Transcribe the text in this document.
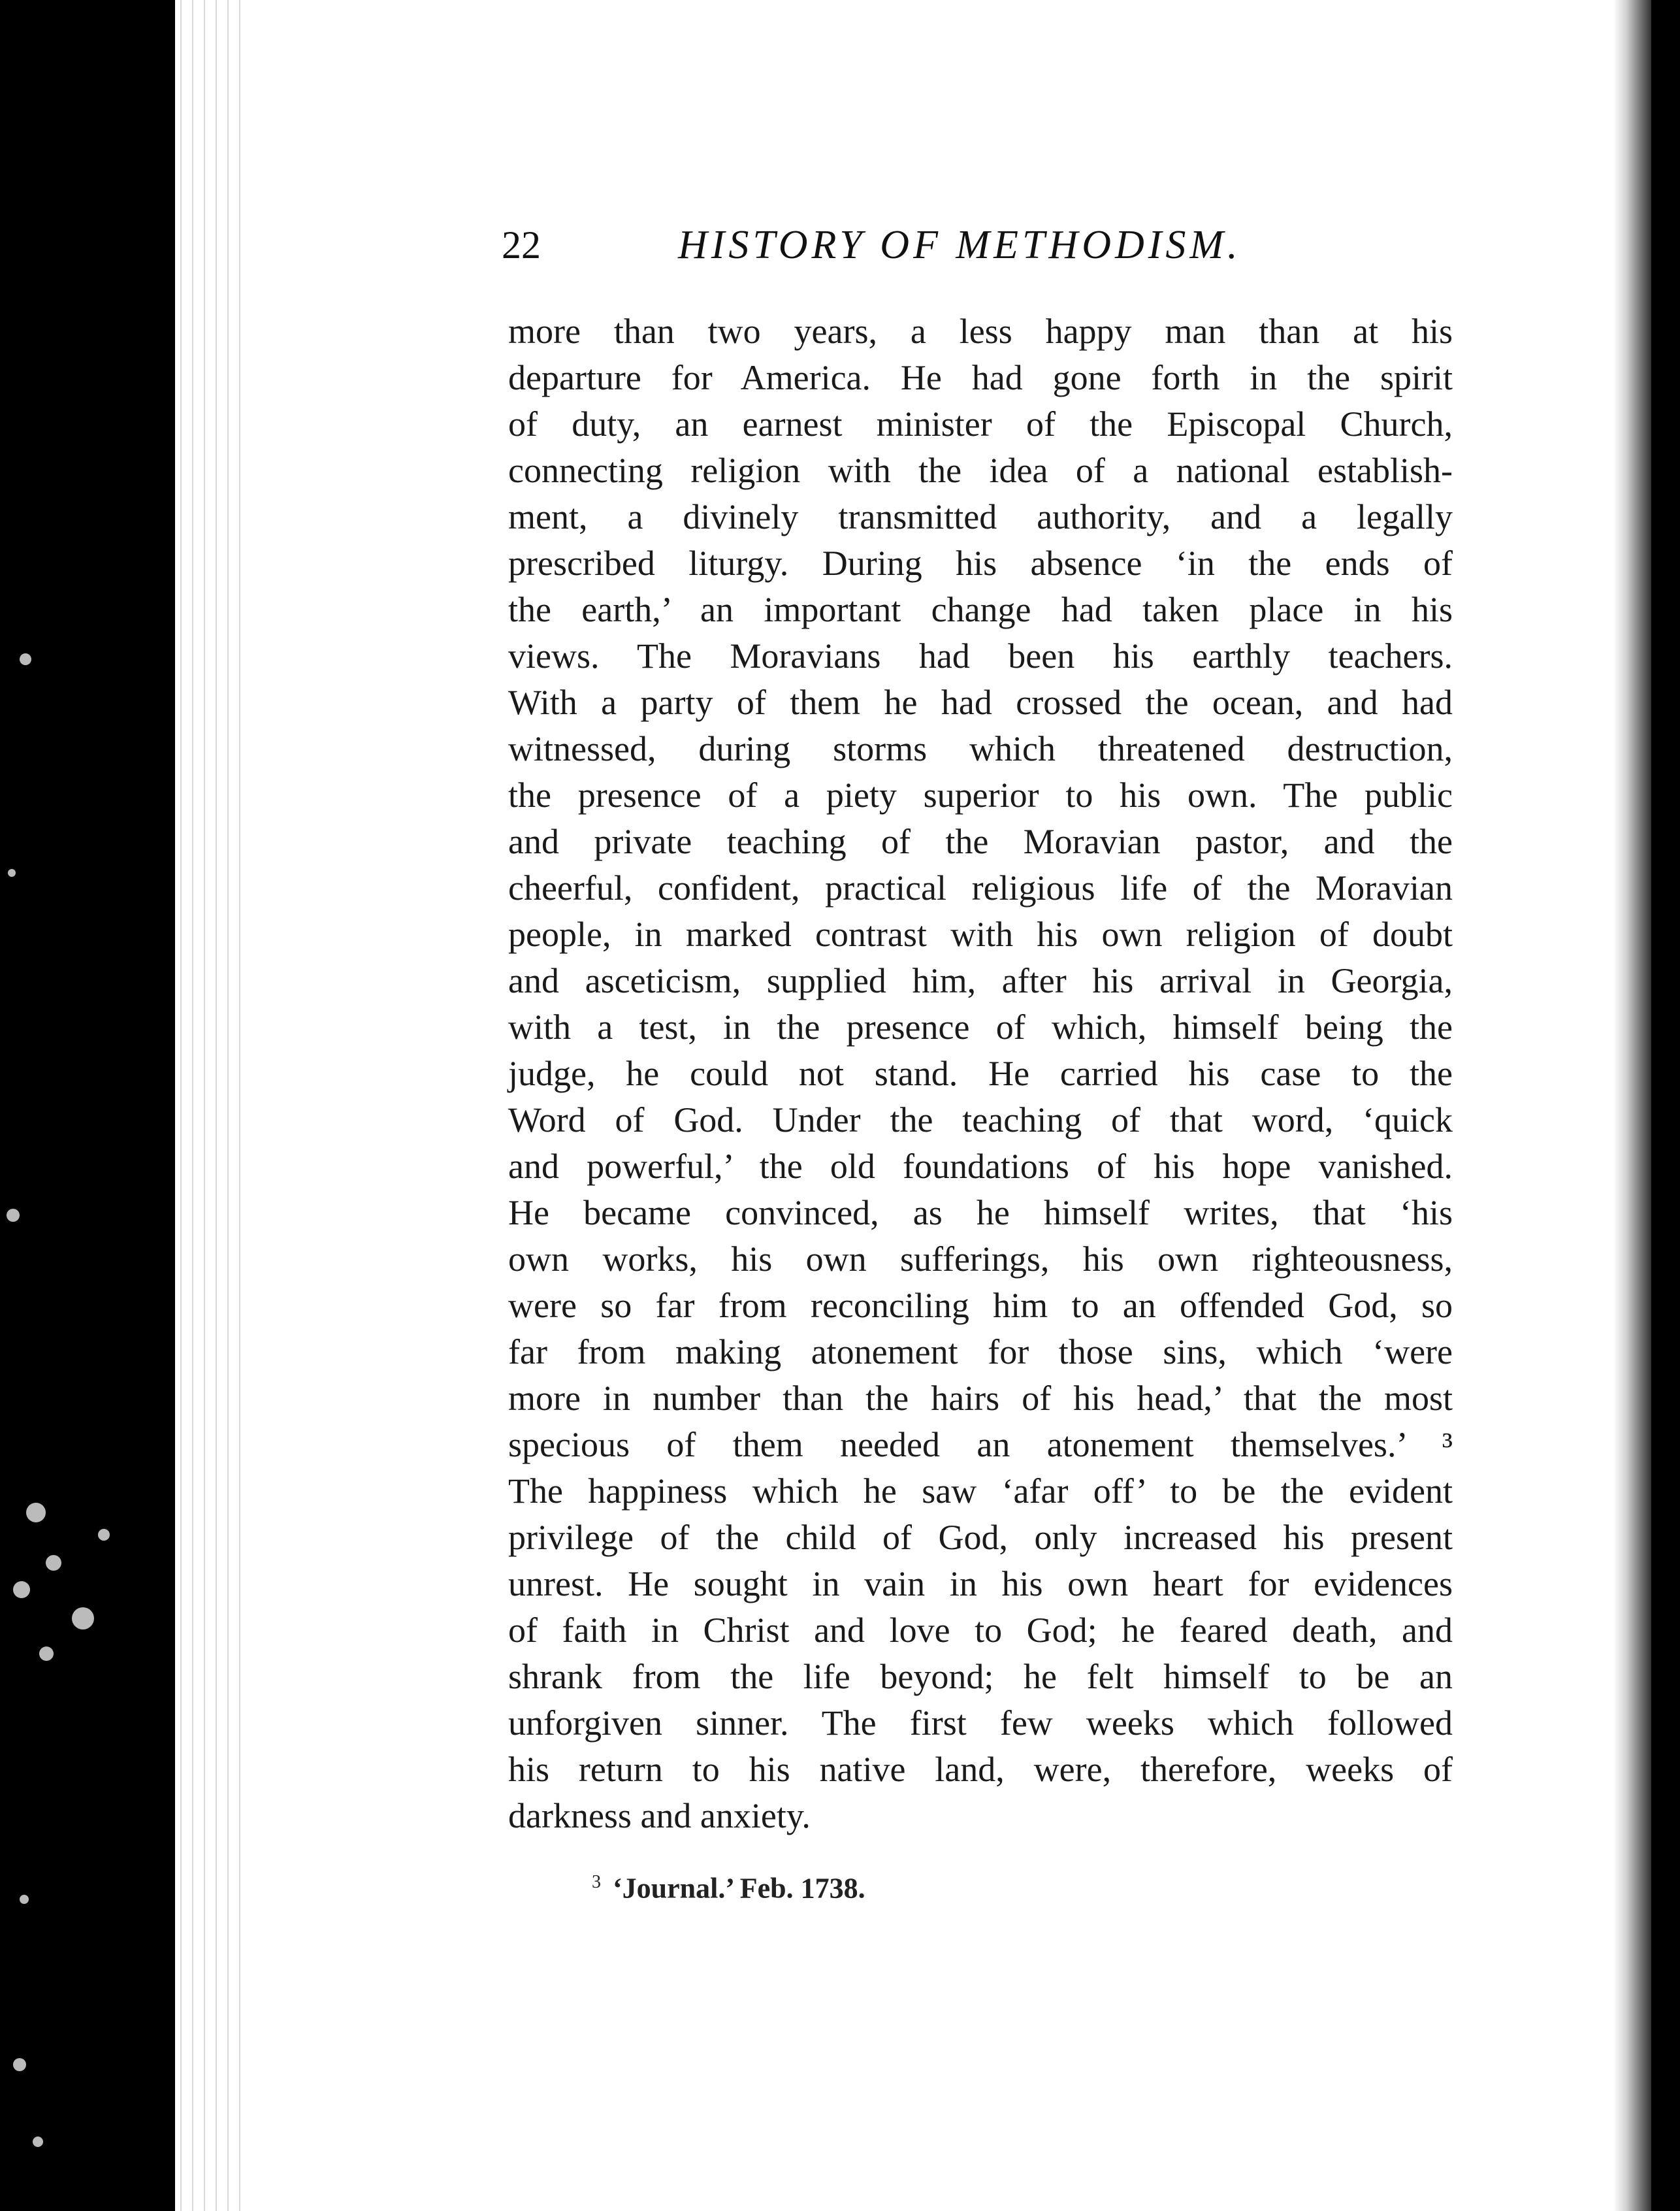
22	HISTORY OF METHODISM.
more than two years, a less happy man than at his
departure for America. He had gone forth in the spirit
of duty, an earnest minister of the Episcopal Church,
connecting religion with the idea of a national establish-
ment, a divinely transmitted authority, and a legally
prescribed liturgy. During his absence ‘in the ends of
the earth,’ an important change had taken place in his
views. The Moravians had been his earthly teachers.
With a party of them he had crossed the ocean, and had
witnessed, during storms which threatened destruction,
the presence of a piety superior to his own. The public
and private teaching of the Moravian pastor, and the
cheerful, confident, practical religious life of the Moravian
people, in marked contrast with his own religion of doubt
and asceticism, supplied him, after his arrival in Georgia,
with a test, in the presence of which, himself being the
judge, he could not stand. He carried his case to the
Word of God. Under the teaching of that word, ‘quick
and powerful,’ the old foundations of his hope vanished.
He became convinced, as he himself writes, that ‘his
own works, his own sufferings, his own righteousness,
were so far from reconciling him to an offended God, so
far from making atonement for those sins, which ‘were
more in number than the hairs of his head,’ that the most
specious of them needed an atonement themselves.’ ³
The happiness which he saw ‘afar off’ to be the evident
privilege of the child of God, only increased his present
unrest. He sought in vain in his own heart for evidences
of faith in Christ and love to God; he feared death, and
shrank from the life beyond; he felt himself to be an
unforgiven sinner. The first few weeks which followed
his return to his native land, were, therefore, weeks of
darkness and anxiety.
$^3$ ‘Journal.’ Feb. 1738.
